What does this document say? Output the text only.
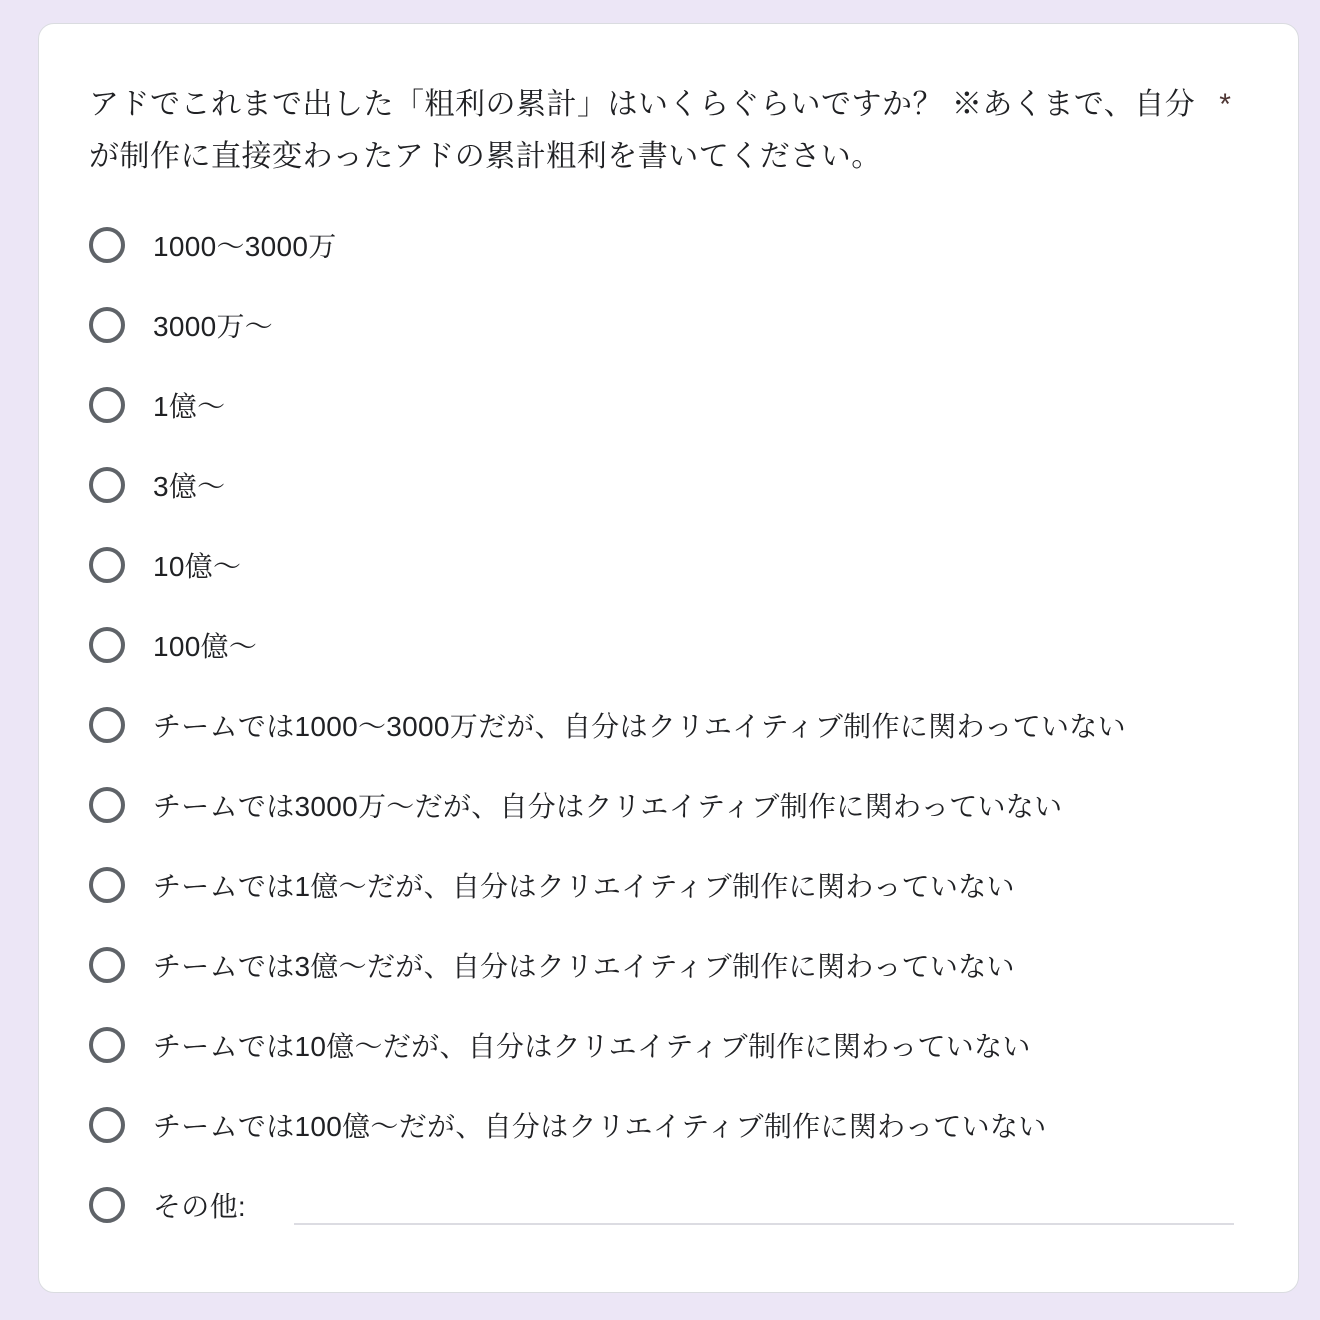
アドでこれまで出した「粗利の累計」はいくらぐらいですか？ ※あくまで、自分 *
が制作に直接変わったアドの累計粗利を書いてください。
1000〜3000万
3000万〜
1億〜
3億〜
10億〜
100億〜
チームでは1000〜3000万だが、自分はクリエイティブ制作に関わっていない
チームでは3000万〜だが、自分はクリエイティブ制作に関わっていない
チームでは1億〜だが、自分はクリエイティブ制作に関わっていない
チームでは3億〜だが、自分はクリエイティブ制作に関わっていない
チームでは10億〜だが、自分はクリエイティブ制作に関わっていない
チームでは100億〜だが、自分はクリエイティブ制作に関わっていない
その他:
